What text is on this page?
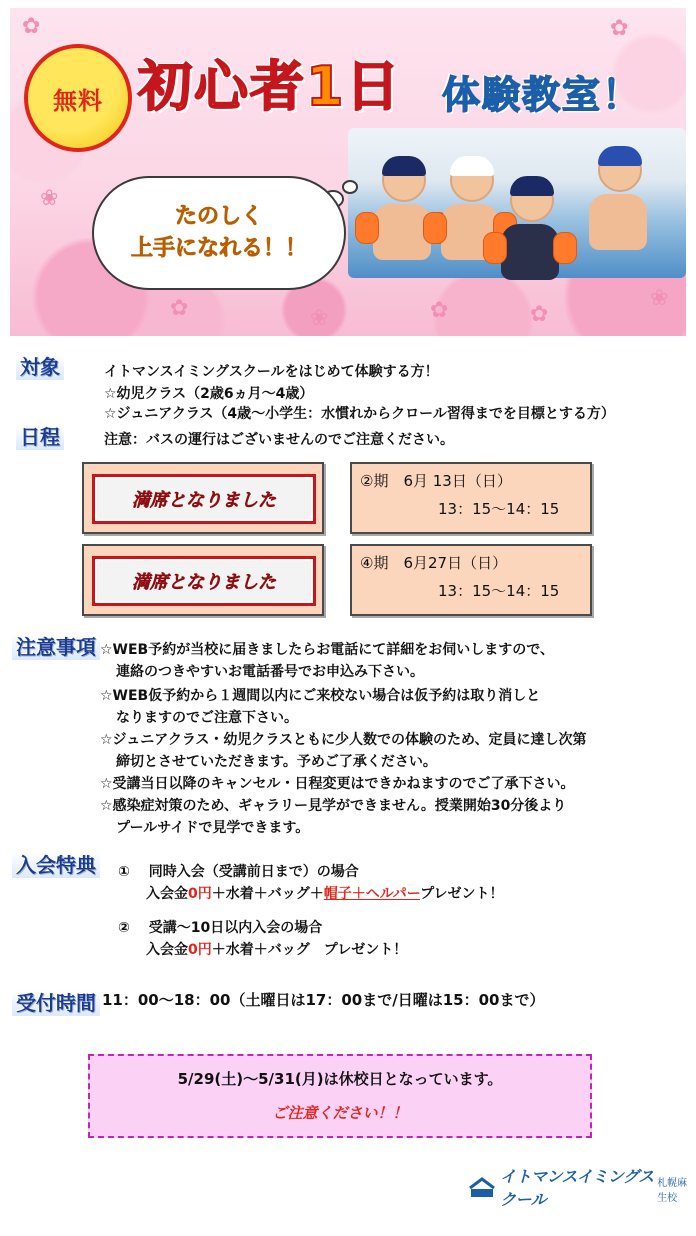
✿	✿
❀
✿	❀	✿
❀
✿
無料 初心者1日 体験教室！
たのしく
上手になれる！！
対象	イトマンスイミングスクールをはじめて体験する方！
☆幼児クラス（2歳6ヵ月～4歳）
☆ジュニアクラス（4歳～小学生：水慣れからクロール習得までを目標とする方）
日程	注意：バスの運行はございませんのでご注意ください。
満席となりました
②期　6月 13日（日）
13：15～14：15
満席となりました
④期　6月27日（日）
13：15～14：15
注意事項 ☆WEB予約が当校に届きましたらお電話にて詳細をお伺いしますので、
連絡のつきやすいお電話番号でお申込み下さい。
☆WEB仮予約から１週間以内にご来校ない場合は仮予約は取り消しと
なりますのでご注意下さい。
☆ジュニアクラス・幼児クラスともに少人数での体験のため、定員に達し次第
締切とさせていただきます。予めご了承ください。
☆受講当日以降のキャンセル・日程変更はできかねますのでご了承下さい。
☆感染症対策のため、ギャラリー見学ができません。授業開始30分後より
プールサイドで見学できます。
入会特典 ①　 同時入会（受講前日まで）の場合
入会金0円＋水着＋バッグ＋帽子＋ヘルパープレゼント！
②　 受講～10日以内入会の場合
入会金0円＋水着＋バッグ　プレゼント！
受付時間 11：00～18：00（土曜日は17：00まで/日曜は15：00まで）
5/29(土)～5/31(月)は休校日となっています。
ご注意ください！！
イトマンスイミングスクール
札幌麻生校
